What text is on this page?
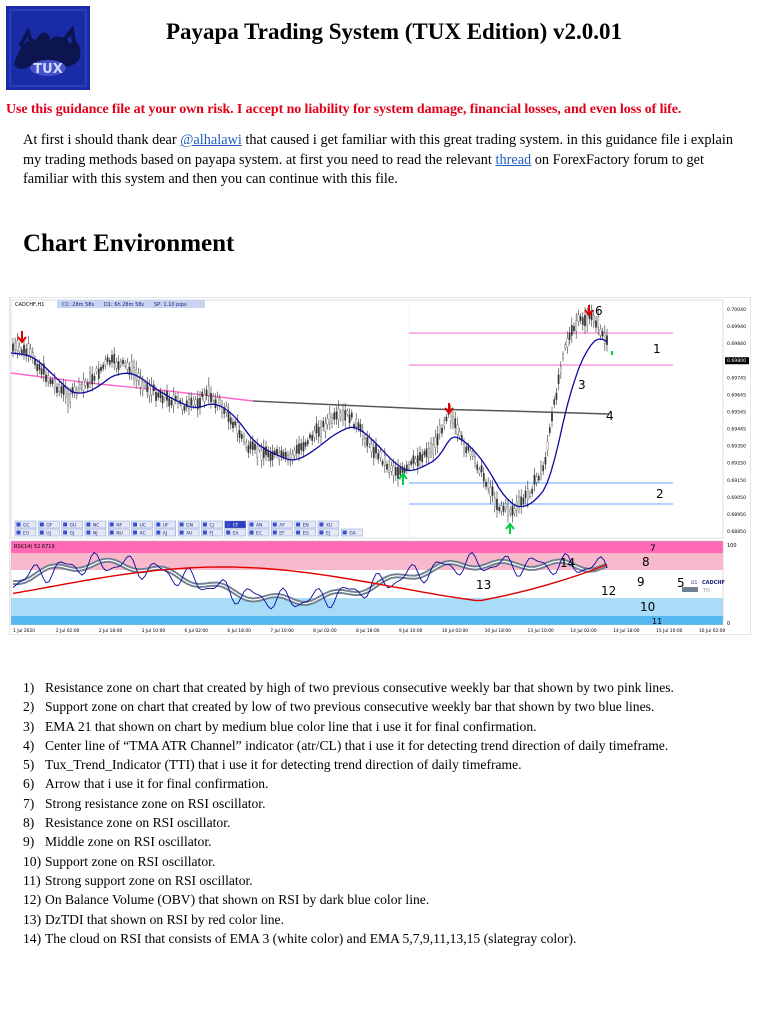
TUX
Payapa Trading System (TUX Edition) v2.0.01
Use this guidance file at your own risk. I accept no liability for system damage, financial losses, and even loss of life.
At first i should thank dear @alhalawi that caused i get familiar with this great trading system. in this guidance file i explain my trading methods based on payapa system. at first you need to read the relevant thread on ForexFactory forum to get familiar with this system and then you can continue with this file.
Chart Environment
CADCHF,H1	CC: 28m 58s D1: 6h 28m 58s SP: 1.10 pips
0.70040
0.69940
0.69840
0.69800
0.69745
0.69645
0.69545
0.69445
0.69350
0.69250
0.69150
0.69050
0.68950
0.68850
GC	GF	GU	NC	NF	UC	UF	GN	CJ	CF	AN	AF	EN	XU
EU	UJ	GJ	NJ	NU	AC	AJ	AU	FJ	EA	EC	EF	EG	EJ	GA
RSI(14) 52.6719	100
0
D1 CADCHF
TTI
1 Jul 2020	2 Jul 02:00	2 Jul 18:00	3 Jul 10:00	6 Jul 02:00	6 Jul 18:00	7 Jul 10:00	8 Jul 02:00	8 Jul 18:00	9 Jul 10:00	10 Jul 02:00	10 Jul 18:00	13 Jul 10:00	14 Jul 02:00	14 Jul 18:00	15 Jul 10:00	16 Jul 02:00
1
2
3
4
5
6
7
8
9
10
11
12
13
14
1) Resistance zone on chart that created by high of two previous consecutive weekly bar that shown by two pink lines.
2) Support zone on chart that created by low of two previous consecutive weekly bar that shown by two blue lines.
3) EMA 21 that shown on chart by medium blue color line that i use it for final confirmation.
4) Center line of “TMA ATR Channel” indicator (atr/CL) that i use it for detecting trend direction of daily timeframe.
5) Tux_Trend_Indicator (TTI) that i use it for detecting trend direction of daily timeframe.
6) Arrow that i use it for final confirmation.
7) Strong resistance zone on RSI oscillator.
8) Resistance zone on RSI oscillator.
9) Middle zone on RSI oscillator.
10) Support zone on RSI oscillator.
11) Strong support zone on RSI oscillator.
12) On Balance Volume (OBV) that shown on RSI by dark blue color line.
13) DzTDI that shown on RSI by red color line.
14) The cloud on RSI that consists of EMA 3 (white color) and EMA 5,7,9,11,13,15 (slategray color).
